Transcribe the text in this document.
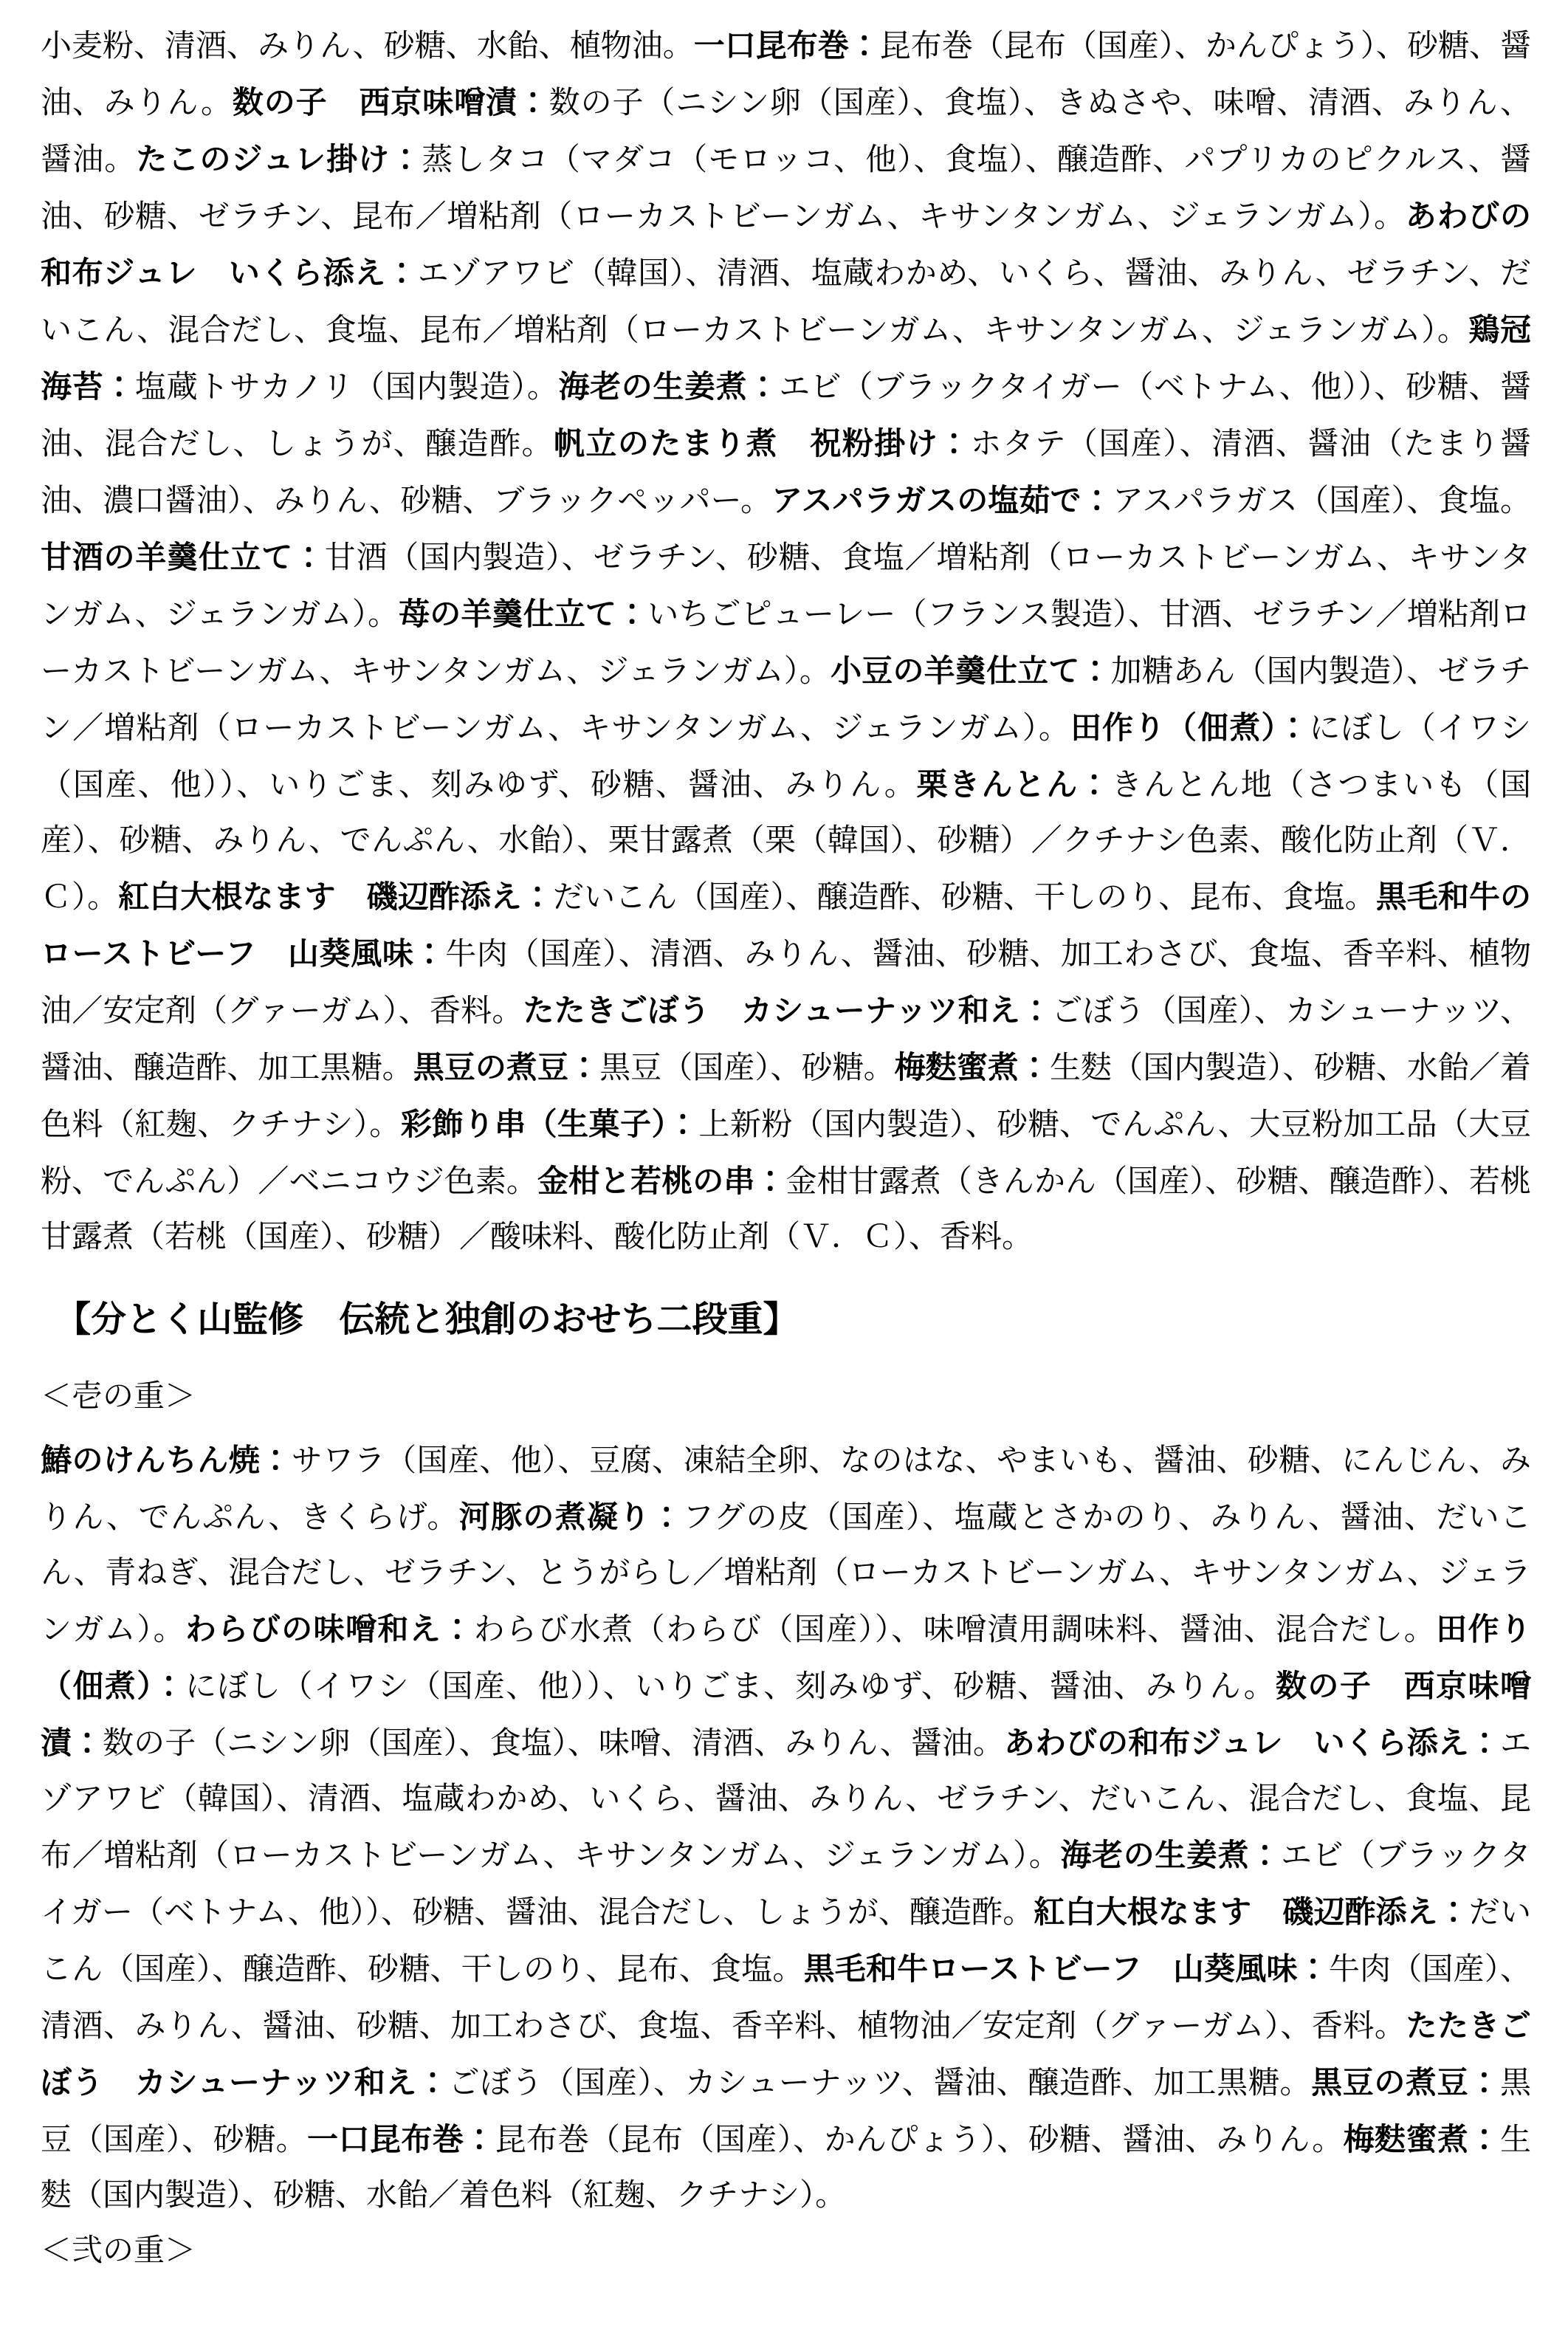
小麦粉、清酒、みりん、砂糖、水飴、植物油。一口昆布巻：昆布巻（昆布（国産）、かんぴょう）、砂糖、醤油、みりん。数の子　西京味噌漬：数の子（ニシン卵（国産）、食塩）、きぬさや、味噌、清酒、みりん、醤油。たこのジュレ掛け：蒸しタコ（マダコ（モロッコ、他）、食塩）、醸造酢、パプリカのピクルス、醤油、砂糖、ゼラチン、昆布／増粘剤（ローカストビーンガム、キサンタンガム、ジェランガム）。あわびの和布ジュレ　いくら添え：エゾアワビ（韓国）、清酒、塩蔵わかめ、いくら、醤油、みりん、ゼラチン、だいこん、混合だし、食塩、昆布／増粘剤（ローカストビーンガム、キサンタンガム、ジェランガム）。鶏冠海苔：塩蔵トサカノリ（国内製造）。海老の生姜煮：エビ（ブラックタイガー（ベトナム、他））、砂糖、醤油、混合だし、しょうが、醸造酢。帆立のたまり煮　祝粉掛け：ホタテ（国産）、清酒、醤油（たまり醤油、濃口醤油）、みりん、砂糖、ブラックペッパー。アスパラガスの塩茹で：アスパラガス（国産）、食塩。甘酒の羊羹仕立て：甘酒（国内製造）、ゼラチン、砂糖、食塩／増粘剤（ローカストビーンガム、キサンタンガム、ジェランガム）。苺の羊羹仕立て：いちごピューレー（フランス製造）、甘酒、ゼラチン／増粘剤ローカストビーンガム、キサンタンガム、ジェランガム）。小豆の羊羹仕立て：加糖あん（国内製造）、ゼラチン／増粘剤（ローカストビーンガム、キサンタンガム、ジェランガム）。田作り（佃煮）：にぼし（イワシ（国産、他））、いりごま、刻みゆず、砂糖、醤油、みりん。栗きんとん：きんとん地（さつまいも（国産）、砂糖、みりん、でんぷん、水飴）、栗甘露煮（栗（韓国）、砂糖）／クチナシ色素、酸化防止剤（Ｖ．Ｃ）。紅白大根なます　磯辺酢添え：だいこん（国産）、醸造酢、砂糖、干しのり、昆布、食塩。黒毛和牛のローストビーフ　山葵風味：牛肉（国産）、清酒、みりん、醤油、砂糖、加工わさび、食塩、香辛料、植物油／安定剤（グァーガム）、香料。たたきごぼう　カシューナッツ和え：ごぼう（国産）、カシューナッツ、醤油、醸造酢、加工黒糖。黒豆の煮豆：黒豆（国産）、砂糖。梅麩蜜煮：生麩（国内製造）、砂糖、水飴／着色料（紅麹、クチナシ）。彩飾り串（生菓子）：上新粉（国内製造）、砂糖、でんぷん、大豆粉加工品（大豆粉、でんぷん）／ベニコウジ色素。金柑と若桃の串：金柑甘露煮（きんかん（国産）、砂糖、醸造酢）、若桃甘露煮（若桃（国産）、砂糖）／酸味料、酸化防止剤（Ｖ．Ｃ）、香料。

【分とく山監修　伝統と独創のおせち二段重】
＜壱の重＞

鰆のけんちん焼：サワラ（国産、他）、豆腐、凍結全卵、なのはな、やまいも、醤油、砂糖、にんじん、みりん、でんぷん、きくらげ。河豚の煮凝り：フグの皮（国産）、塩蔵とさかのり、みりん、醤油、だいこん、青ねぎ、混合だし、ゼラチン、とうがらし／増粘剤（ローカストビーンガム、キサンタンガム、ジェランガム）。わらびの味噌和え：わらび水煮（わらび（国産））、味噌漬用調味料、醤油、混合だし。田作り（佃煮）：にぼし（イワシ（国産、他））、いりごま、刻みゆず、砂糖、醤油、みりん。数の子　西京味噌漬：数の子（ニシン卵（国産）、食塩）、味噌、清酒、みりん、醤油。あわびの和布ジュレ　いくら添え：エゾアワビ（韓国）、清酒、塩蔵わかめ、いくら、醤油、みりん、ゼラチン、だいこん、混合だし、食塩、昆布／増粘剤（ローカストビーンガム、キサンタンガム、ジェランガム）。海老の生姜煮：エビ（ブラックタイガー（ベトナム、他））、砂糖、醤油、混合だし、しょうが、醸造酢。紅白大根なます　磯辺酢添え：だいこん（国産）、醸造酢、砂糖、干しのり、昆布、食塩。黒毛和牛ローストビーフ　山葵風味：牛肉（国産）、清酒、みりん、醤油、砂糖、加工わさび、食塩、香辛料、植物油／安定剤（グァーガム）、香料。たたきごぼう　カシューナッツ和え：ごぼう（国産）、カシューナッツ、醤油、醸造酢、加工黒糖。黒豆の煮豆：黒豆（国産）、砂糖。一口昆布巻：昆布巻（昆布（国産）、かんぴょう）、砂糖、醤油、みりん。梅麩蜜煮：生麩（国内製造）、砂糖、水飴／着色料（紅麹、クチナシ）。

＜弐の重＞
